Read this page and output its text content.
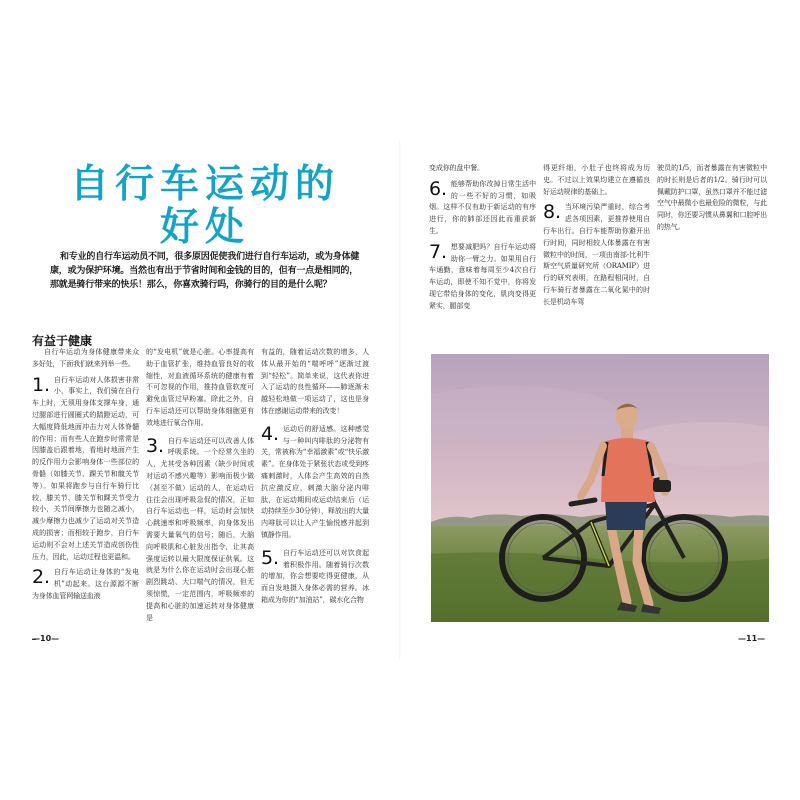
自行车运动的
好处
和专业的自行车运动员不同，很多原因促使我们进行自行车运动，或为身体健康，或为保护环境。当然也有出于节省时间和金钱的目的，但有一点是相同的，那就是骑行带来的快乐！那么，你喜欢骑行吗，你骑行的目的是什么呢？
有益于健康

自行车运动为身体健康带来众多好处，下面我们就来列举一些。

1. 自行车运动对人体损害非常小，事实上，我们骑在自行车上时，无须用身体支撑车身，通过腿部进行圆圈式的踏蹬运动，可大幅度降低地面冲击力对人体脊髓的作用；而有些人在跑步时常常是因膝盖后跟着地，看地时地面产生的反作用力会影响身体一些部位的骨骼（如膝关节、踝关节和髋关节等）。如果将跑步与自行车骑行比较，膝关节、膝关节和踝关节受力较小，关节间摩擦力也随之减小，减少摩擦力也减少了运动对关节造成的损害；而相较于跑步，自行车运动则不会对上述关节造成创伤性压力，因此，运动过程也更温和。

2. 自行车运动让身体的“发电机”动起来。这台源源不断为身体血管网输送血液

的“发电机”就是心脏。心率提高有助于血管扩张，维持血管良好的收缩性，对血液循环系统的健康有着不可忽视的作用，推持血管软度可避免血管过早粉塞。除此之外，自行车运动还可以帮助身体细胞更有效地进行氧合作用。

3. 自行车运动还可以改善人体呼吸系统。一个经常久坐的人，尤其受各种因素（缺少时间或对运动不感兴趣等）影响而极少做（甚至不做）运动的人，在运动后往往会出现呼吸急促的情况，正如自行车运动也一样，运动时会加快心跳速率和呼吸频率，向身体发出需要大量氧气的信号；随后，大脑向呼吸肌和心脏发出指令，让其高强度运转以最大限度保证供氧。这就是为什么你在运动时会出现心脏剧烈跳动、大口喘气的情况，但无须惊慌，一定范围内，呼吸频率的提高和心脏的加速运转对身体健康是

有益的，随着运动次数的增多，人体从最开始的“喘呼呼”逐渐过渡到“轻松”。简单来说，这代表你进入了运动的良性循环——肺逐渐未越轻松地做一项运动了，这也是身体在感谢运动带来的改变！

4. 运动后的舒适感。这种感觉与一种叫内啡肽的分泌物有关，常被称为“幸福激素”或“快乐激素”。在身体处于紧张状态或受到疼痛刺激时，人体会产生高效的自然抗应激反应，刺激大脑分泌内啡肽，在运动期间或运动结束后（运动持续至少30分钟），释放出的大量内啡肽可以让人产生愉悦感并起到镇静作用。

5. 自行车运动还可以对饮食起着积极作用。随着骑行次数的增加，你会想要吃得更健康，从而自发地摄入身体必需的营养。冰箱成为你的“加油站”，碳水化合物

变成你的盘中餐。

6. 能够帮助你改掉日常生活中的一些不好的习惯，如吸烟。这样不仅有助于新运动的有序进行，你的肺部还因此而重获新生。

7. 想要减肥吗？自行车运动将助你一臂之力。如果用自行车通勤，意味着每周至少4次自行车运动，即使不知不觉中，你将发现它带给身体的变化，肌肉变得更紧实，腿部变

得更纤细，小肚子也终将成为历史。不过以上效果均建立在遵循良好运动规律的基础上。

8. 当环境污染严重时，综合考虑各项因素，更推荐使用自行车出行。自行车能帮助你避开出行时间，同时相较人体暴露在有害微粒中的时间，一项由南部-比利牛斯空气质量研究所（ORAMIP）进行的研究表明，在路程相同时，自行车骑行者暴露在二氧化氮中的时长是机动车驾

驶员的1/5，而者暴露在有害微粒中的时长则是后者的1/2。骑行时可以佩戴防护口罩，虽然口罩并不能过滤空气中最微小也最危险的微粒，与此同时，你还要习惯从鼻翼和口腔呼出的热气。

—10—	—11—
